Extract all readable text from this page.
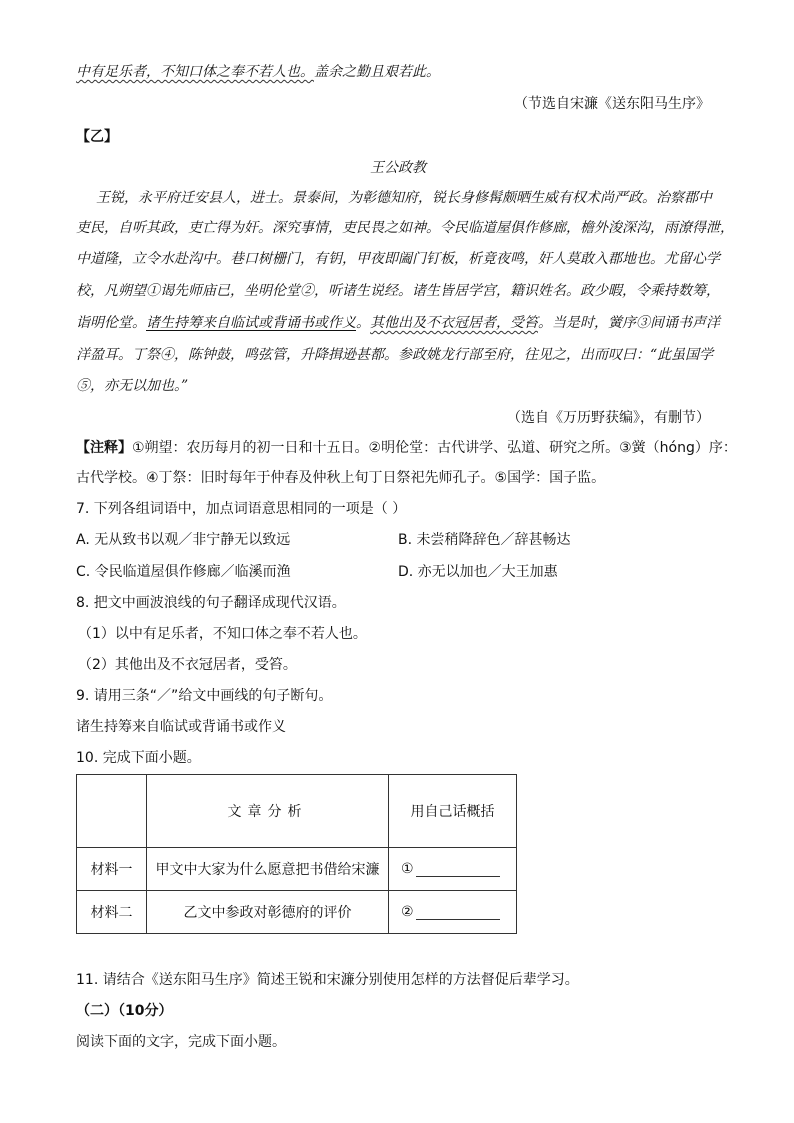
中有足乐者，不知口体之奉不若人也。盖余之勤且艰若此。
（节选自宋濂《送东阳马生序》
【乙】
王公政教
王锐，永平府迁安县人，进士。景泰间，为彰德知府，锐长身修髯颇晒生威有权术尚严政。治察郡中
吏民，自听其政，吏亡得为奸。深究事情，吏民畏之如神。令民临道屋俱作修廊，檐外浚深沟，雨潦得泄，
中道隆，立令水赴沟中。巷口树栅门，有钥，甲夜即阖门钉板，析竟夜鸣，奸人莫敢入郡地也。尤留心学
校，凡朔望①谒先师庙已，坐明伦堂②，听诸生说经。诸生皆居学宫，籍识姓名。政少暇，令乘持数筹，
诣明伦堂。诸生持筹来自临试或背诵书或作义。其他出及不衣冠居者，受笞。当是时，黉序③间诵书声洋
洋盈耳。丁祭④，陈钟鼓，鸣弦管，升降揖逊甚都。参政姚龙行部至府，往见之，出而叹曰：“此虽国学
⑤，亦无以加也。”
（选自《万历野获编》，有删节）
【注释】①朔望：农历每月的初一日和十五日。②明伦堂：古代讲学、弘道、研究之所。③黉（hóng）序：
古代学校。④丁祭：旧时每年于仲春及仲秋上旬丁日祭祀先师孔子。⑤国学：国子监。
7. 下列各组词语中，加点词语意思相同的一项是（ ）
A. 无从致书以观／非宁静无以致远	B. 未尝稍降辞色／辞甚畅达
C. 令民临道屋俱作修廊／临溪而渔	D. 亦无以加也／大王加惠
8. 把文中画波浪线的句子翻译成现代汉语。
（1）以中有足乐者，不知口体之奉不若人也。
（2）其他出及不衣冠居者，受笞。
9. 请用三条“／”给文中画线的句子断句。
诸生持筹来自临试或背诵书或作义
10. 完成下面小题。
	文章分析	用自己话概括
材料一	甲文中大家为什么愿意把书借给宋濂	①
材料二	乙文中参政对彰德府的评价	②
11. 请结合《送东阳马生序》简述王锐和宋濂分别使用怎样的方法督促后辈学习。
（二）（10分）
阅读下面的文字，完成下面小题。
